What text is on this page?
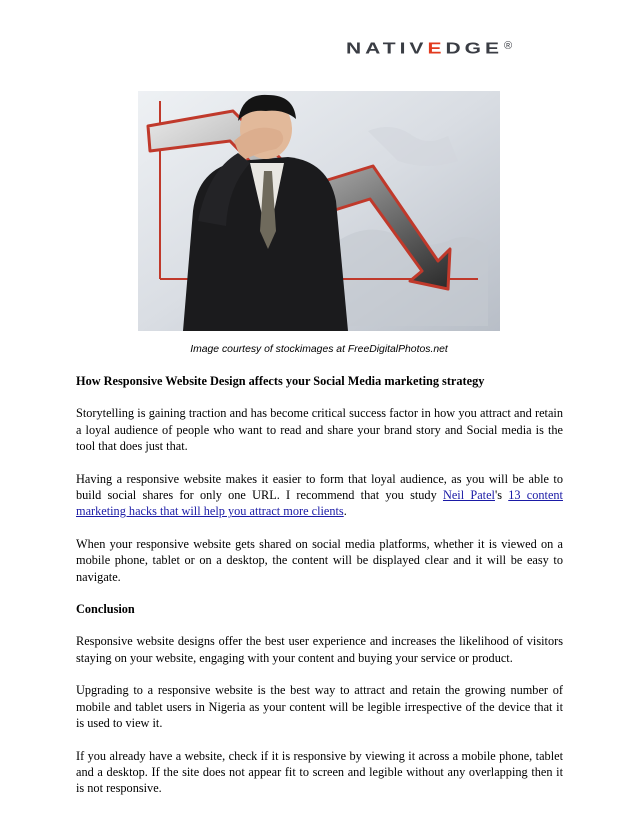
NATIVEDGE ®
Image courtesy of stockimages at FreeDigitalPhotos.net
How Responsive Website Design affects your Social Media marketing strategy

Storytelling is gaining traction and has become critical success factor in how you attract and retain a loyal audience of people who want to read and share your brand story and Social media is the tool that does just that.

Having a responsive website makes it easier to form that loyal audience, as you will be able to build social shares for only one URL. I recommend that you study Neil Patel's 13 content marketing hacks that will help you attract more clients.

When your responsive website gets shared on social media platforms, whether it is viewed on a mobile phone, tablet or on a desktop, the content will be displayed clear and it will be easy to navigate.

Conclusion

Responsive website designs offer the best user experience and increases the likelihood of visitors staying on your website, engaging with your content and buying your service or product.

Upgrading to a responsive website is the best way to attract and retain the growing number of mobile and tablet users in Nigeria as your content will be legible irrespective of the device that it is used to view it.

If you already have a website, check if it is responsive by viewing it across a mobile phone, tablet and a desktop. If the site does not appear fit to screen and legible without any overlapping then it is not responsive.
